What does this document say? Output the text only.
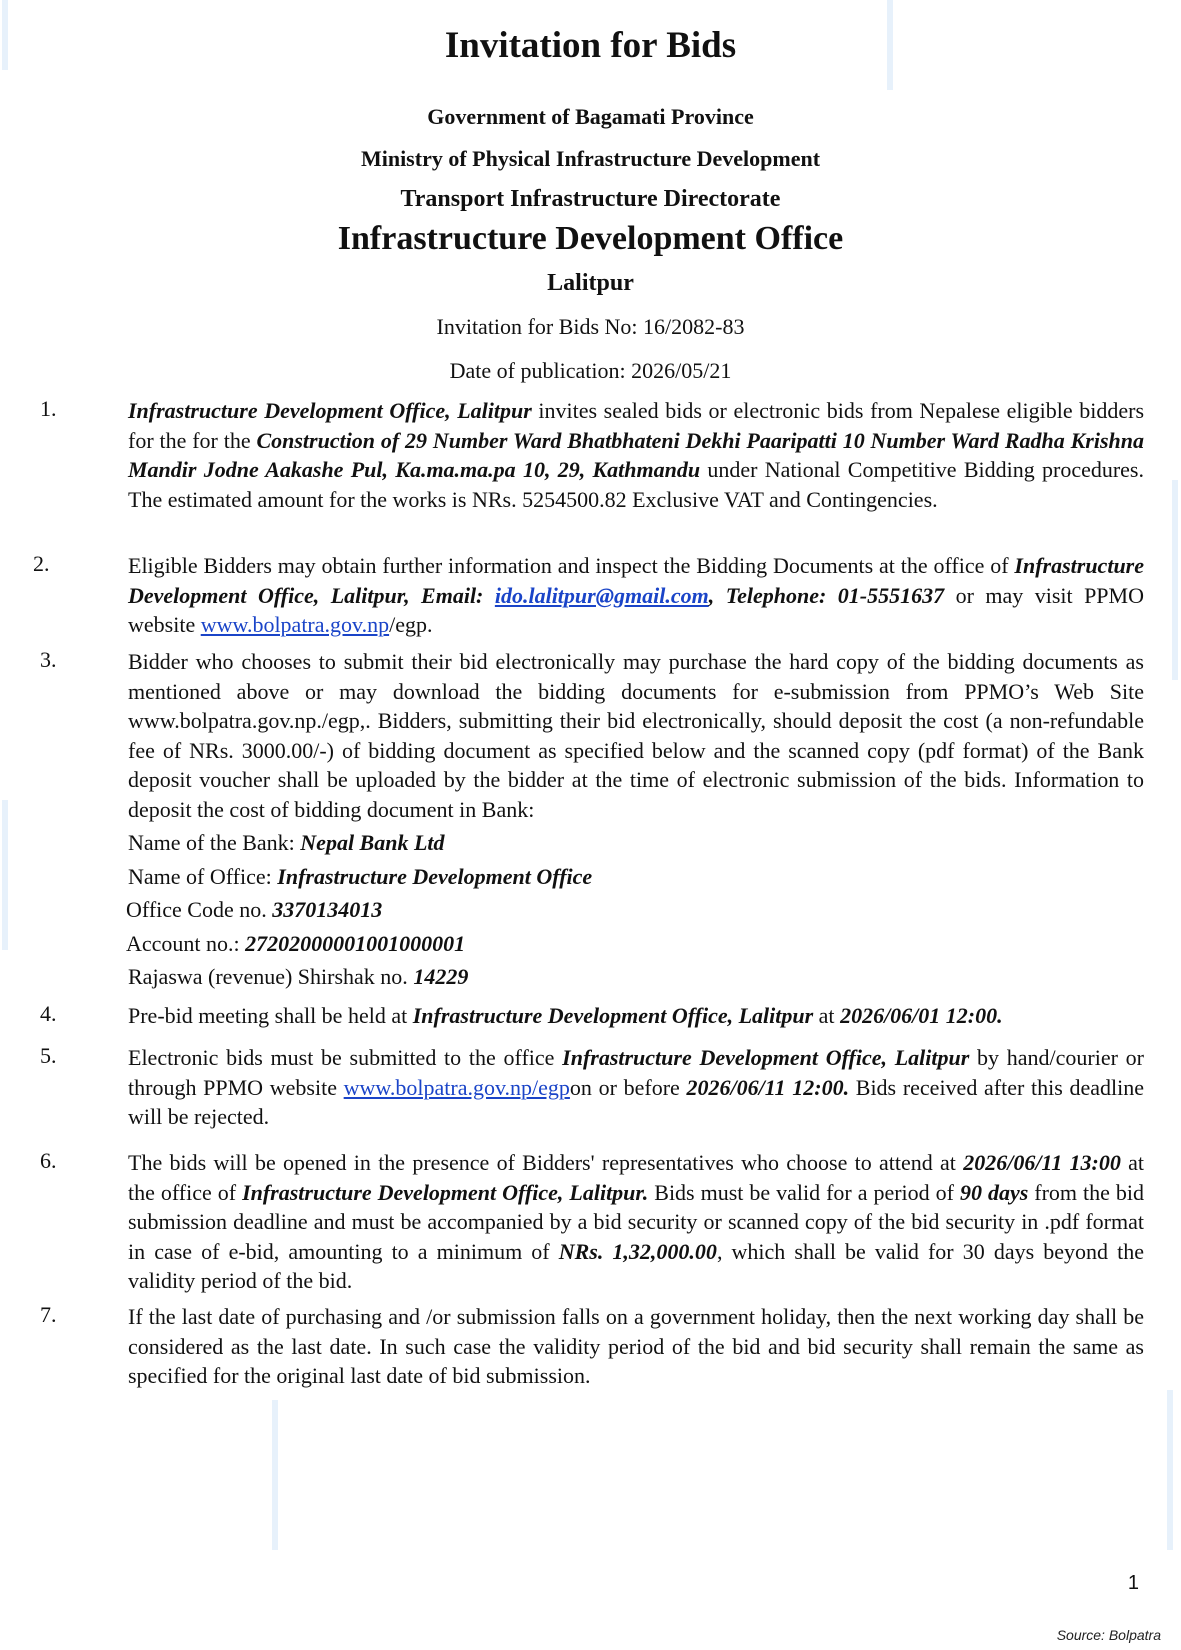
Invitation for Bids
Government of Bagamati Province
Ministry of Physical Infrastructure Development
Transport Infrastructure Directorate
Infrastructure Development Office
Lalitpur
Invitation for Bids No: 16/2082-83
Date of publication: 2026/05/21
1.	Infrastructure Development Office, Lalitpur invites sealed bids or electronic bids from Nepalese eligible bidders for the for the Construction of 29 Number Ward Bhatbhateni Dekhi Paaripatti 10 Number Ward Radha Krishna Mandir Jodne Aakashe Pul, Ka.ma.ma.pa 10, 29, Kathmandu under National Competitive Bidding procedures. The estimated amount for the works is NRs. 5254500.82 Exclusive VAT and Contingencies.
2.	Eligible Bidders may obtain further information and inspect the Bidding Documents at the office of Infrastructure Development Office, Lalitpur, Email: ido.lalitpur@gmail.com, Telephone: 01-5551637 or may visit PPMO website www.bolpatra.gov.np/egp.
3.	Bidder who chooses to submit their bid electronically may purchase the hard copy of the bidding documents as mentioned above or may download the bidding documents for e-submission from PPMO’s Web Site www.bolpatra.gov.np./egp,. Bidders, submitting their bid electronically, should deposit the cost (a non-refundable fee of NRs. 3000.00/-) of bidding document as specified below and the scanned copy (pdf format) of the Bank deposit voucher shall be uploaded by the bidder at the time of electronic submission of the bids. Information to deposit the cost of bidding document in Bank:
Name of the Bank: Nepal Bank Ltd
Name of Office: Infrastructure Development Office
Office Code no. 3370134013
Account no.: 27202000001001000001
Rajaswa (revenue) Shirshak no. 14229
4.	Pre-bid meeting shall be held at Infrastructure Development Office, Lalitpur at 2026/06/01 12:00.
5.	Electronic bids must be submitted to the office Infrastructure Development Office, Lalitpur by hand/courier or through PPMO website www.bolpatra.gov.np/egpon or before 2026/06/11 12:00. Bids received after this deadline will be rejected.
6.	The bids will be opened in the presence of Bidders' representatives who choose to attend at 2026/06/11 13:00 at the office of Infrastructure Development Office, Lalitpur. Bids must be valid for a period of 90 days from the bid submission deadline and must be accompanied by a bid security or scanned copy of the bid security in .pdf format in case of e-bid, amounting to a minimum of NRs. 1,32,000.00, which shall be valid for 30 days beyond the validity period of the bid.
7.	If the last date of purchasing and /or submission falls on a government holiday, then the next working day shall be considered as the last date. In such case the validity period of the bid and bid security shall remain the same as specified for the original last date of bid submission.
1
Source: Bolpatra
